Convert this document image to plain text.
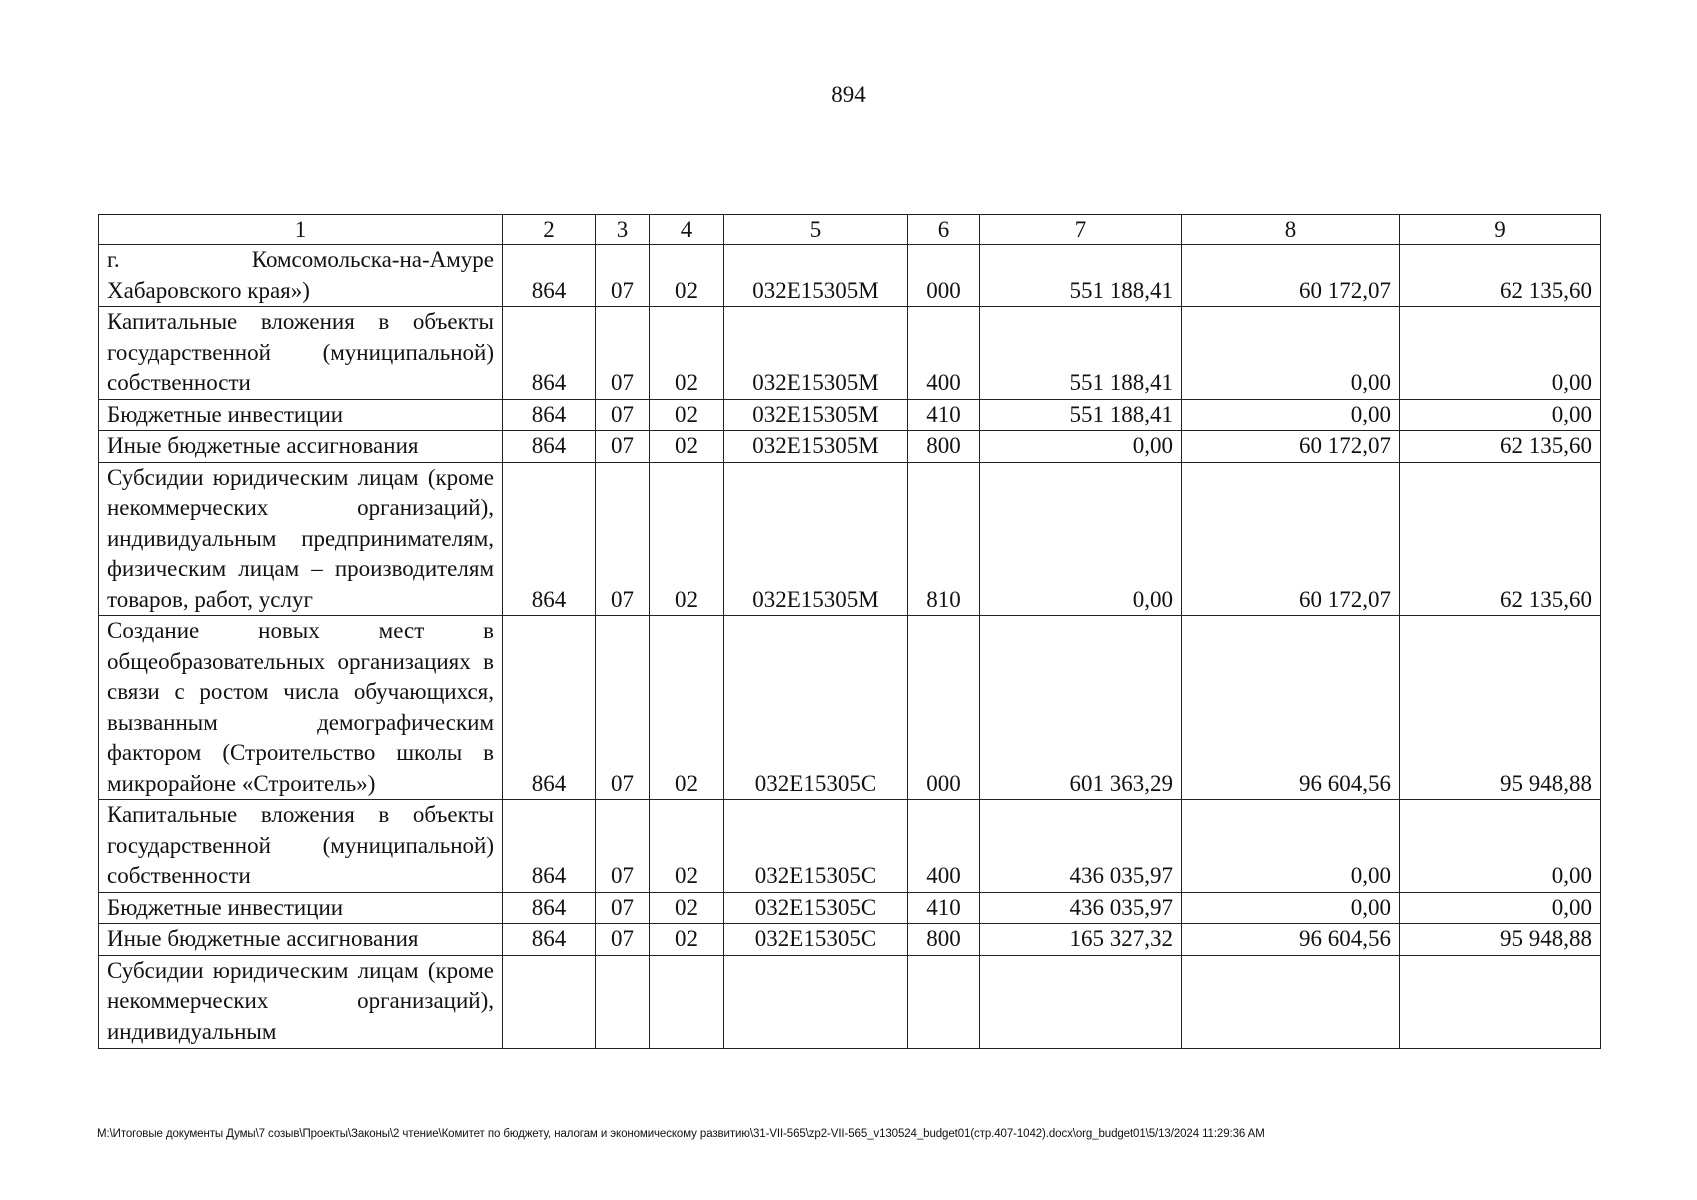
894
1	2	3	4	5	6	7	8	9
г. Комсомольска-на-Амуре Хабаровского края»)	864	07	02	032E15305М	000	551 188,41	60 172,07	62 135,60
Капитальные вложения в объекты государственной (муниципальной) собственности	864	07	02	032E15305М	400	551 188,41	0,00	0,00
Бюджетные инвестиции	864	07	02	032E15305М	410	551 188,41	0,00	0,00
Иные бюджетные ассигнования	864	07	02	032E15305М	800	0,00	60 172,07	62 135,60
Субсидии юридическим лицам (кроме некоммерческих организаций), индивидуальным предпринимателям, физическим лицам – производителям товаров, работ, услуг	864	07	02	032E15305М	810	0,00	60 172,07	62 135,60
Создание новых мест в общеобразовательных организациях в связи с ростом числа обучающихся, вызванным демографическим фактором (Строительство школы в микрорайоне «Строитель»)	864	07	02	032E15305С	000	601 363,29	96 604,56	95 948,88
Капитальные вложения в объекты государственной (муниципальной) собственности	864	07	02	032E15305С	400	436 035,97	0,00	0,00
Бюджетные инвестиции	864	07	02	032E15305С	410	436 035,97	0,00	0,00
Иные бюджетные ассигнования	864	07	02	032E15305С	800	165 327,32	96 604,56	95 948,88
Субсидии юридическим лицам (кроме некоммерческих организаций), индивидуальным								
М:\Итоговые документы Думы\7 созыв\Проекты\Законы\2 чтение\Комитет по бюджету, налогам и экономическому развитию\31-VII-565\zp2-VII-565_v130524_budget01(стр.407-1042).docx\org_budget01\5/13/2024 11:29:36 AM
